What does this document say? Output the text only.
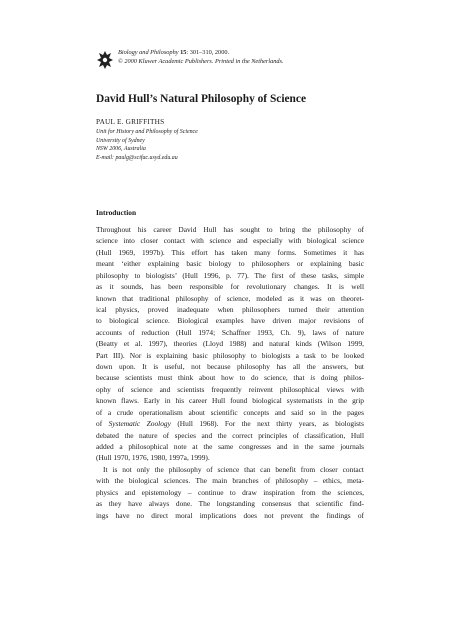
Biology and Philosophy 15: 301–310, 2000.
© 2000 Kluwer Academic Publishers. Printed in the Netherlands.
David Hull’s Natural Philosophy of Science
PAUL E. GRIFFITHS
Unit for History and Philosophy of Science
University of Sydney
NSW 2006, Australia
E-mail: paulg@scifac.usyd.edu.au
Introduction
Throughout his career David Hull has sought to bring the philosophy of
science into closer contact with science and especially with biological science
(Hull 1969, 1997b). This effort has taken many forms. Sometimes it has
meant ‘either explaining basic biology to philosophers or explaining basic
philosophy to biologists’ (Hull 1996, p. 77). The first of these tasks, simple
as it sounds, has been responsible for revolutionary changes. It is well
known that traditional philosophy of science, modeled as it was on theoret-
ical physics, proved inadequate when philosophers turned their attention
to biological science. Biological examples have driven major revisions of
accounts of reduction (Hull 1974; Schaffner 1993, Ch. 9), laws of nature
(Beatty et al. 1997), theories (Lloyd 1988) and natural kinds (Wilson 1999,
Part III). Nor is explaining basic philosophy to biologists a task to be looked
down upon. It is useful, not because philosophy has all the answers, but
because scientists must think about how to do science, that is doing philos-
ophy of science and scientists frequently reinvent philosophical views with
known flaws. Early in his career Hull found biological systematists in the grip
of a crude operationalism about scientific concepts and said so in the pages
of Systematic Zoology (Hull 1968). For the next thirty years, as biologists
debated the nature of species and the correct principles of classification, Hull
added a philosophical note at the same congresses and in the same journals
(Hull 1970, 1976, 1980, 1997a, 1999).
It is not only the philosophy of science that can benefit from closer contact
with the biological sciences. The main branches of philosophy – ethics, meta-
physics and epistemology – continue to draw inspiration from the sciences,
as they have always done. The longstanding consensus that scientific find-
ings have no direct moral implications does not prevent the findings of
